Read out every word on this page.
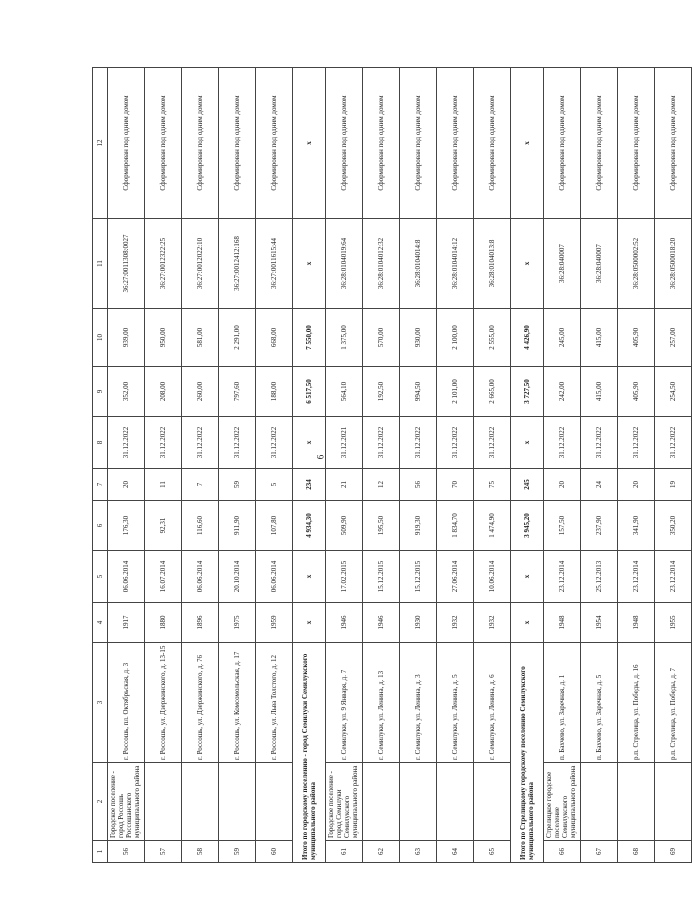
6
1	2	3	4	5	6	7	8	9	10	11	12
56	Городское поселение - город Россошь Россошанского муниципального района	г. Россошь, пл. Октябрьская, д. 3	1917	06.06.2014	176,30	20	31.12.2022	352,00	939,00	36:27:0011308:0027	Сформирован под одним домом
57		г. Россошь, ул. Дзержинского, д. 13-15	1880	16.07.2014	92,31	11	31.12.2022	208,00	950,00	36:27:0012322:25	Сформирован под одним домом
58		г. Россошь, ул. Дзержинского, д. 76	1896	06.06.2014	116,60	7	31.12.2022	260,00	581,00	36:27:0012022:10	Сформирован под одним домом
59		г. Россошь, ул. Комсомольская, д. 17	1975	20.10.2014	911,90	59	31.12.2022	797,60	2 291,00	36:27:0012412:168	Сформирован под одним домом
60		г. Россошь, ул. Льва Толстого, д. 12	1959	06.06.2014	107,80	5	31.12.2022	188,00	668,00	36:27:0011615:44	Сформирован под одним домом
Итого по городскому поселению - город Семилуки Семилукского муниципального района			х	х	4 934,30	234	х	6 517,50	7 550,00	х	х
61	Городское поселение - город Семилуки Семилукского муниципального района	г. Семилуки, ул. 9 Января, д. 7	1946	17.02.2015	509,90	21	31.12.2021	564,10	1 375,00	36:28:0104019:64	Сформирован под одним домом
62		г. Семилуки, ул. Ленина, д. 13	1946	15.12.2015	195,50	12	31.12.2022	192,50	570,00	36:28:0104012:32	Сформирован под одним домом
63		г. Семилуки, ул. Ленина, д. 3	1930	15.12.2015	919,30	56	31.12.2022	994,50	930,00	36:28:0104014:8	Сформирован под одним домом
64		г. Семилуки, ул. Ленина, д. 5	1932	27.06.2014	1 834,70	70	31.12.2022	2 101,00	2 100,00	36:28:0104014:12	Сформирован под одним домом
65		г. Семилуки, ул. Ленина, д. 6	1932	10.06.2014	1 474,90	75	31.12.2022	2 665,00	2 555,00	36:28:0104013:8	Сформирован под одним домом
Итого по Стрелицкому городскому поселению Семилукского муниципального района			х	х	3 945,20	245	х	3 727,50	4 426,90	х	х
66	Стрелицкое городское поселение Семилукского муниципального района	п. Бахчево, ул. Заречная, д. 1	1948	23.12.2014	157,50	20	31.12.2022	242,00	245,00	36:28:040007	Сформирован под одним домом
67		п. Бахчево, ул. Заречная, д. 5	1954	25.12.2013	237,90	24	31.12.2022	415,00	415,00	36:28:040007	Сформирован под одним домом
68		р.п. Стрелица, ул. Победы, д. 16	1948	23.12.2014	341,90	20	31.12.2022	405,90	405,90	36:28:0500002:52	Сформирован под одним домом
69		р.п. Стрелица, ул. Победы, д. 7	1955	23.12.2014	350,20	19	31.12.2022	254,50	257,00	36:28:0500018:20	Сформирован под одним домом
